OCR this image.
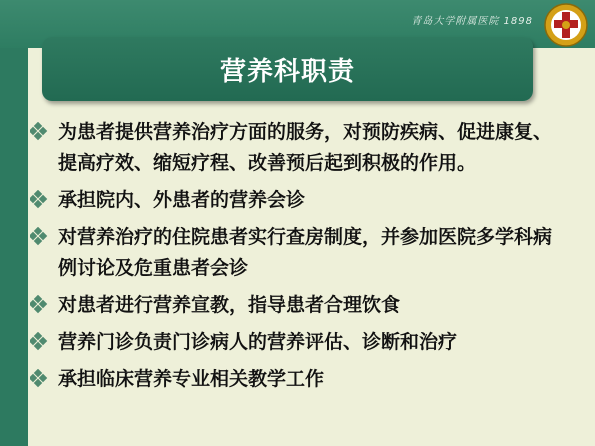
青岛大学附属医院 1898
营养科职责
为患者提供营养治疗方面的服务，对预防疾病、促进康复、提高疗效、缩短疗程、改善预后起到积极的作用。
承担院内、外患者的营养会诊
对营养治疗的住院患者实行查房制度，并参加医院多学科病例讨论及危重患者会诊
对患者进行营养宣教，指导患者合理饮食
营养门诊负责门诊病人的营养评估、诊断和治疗
承担临床营养专业相关教学工作
